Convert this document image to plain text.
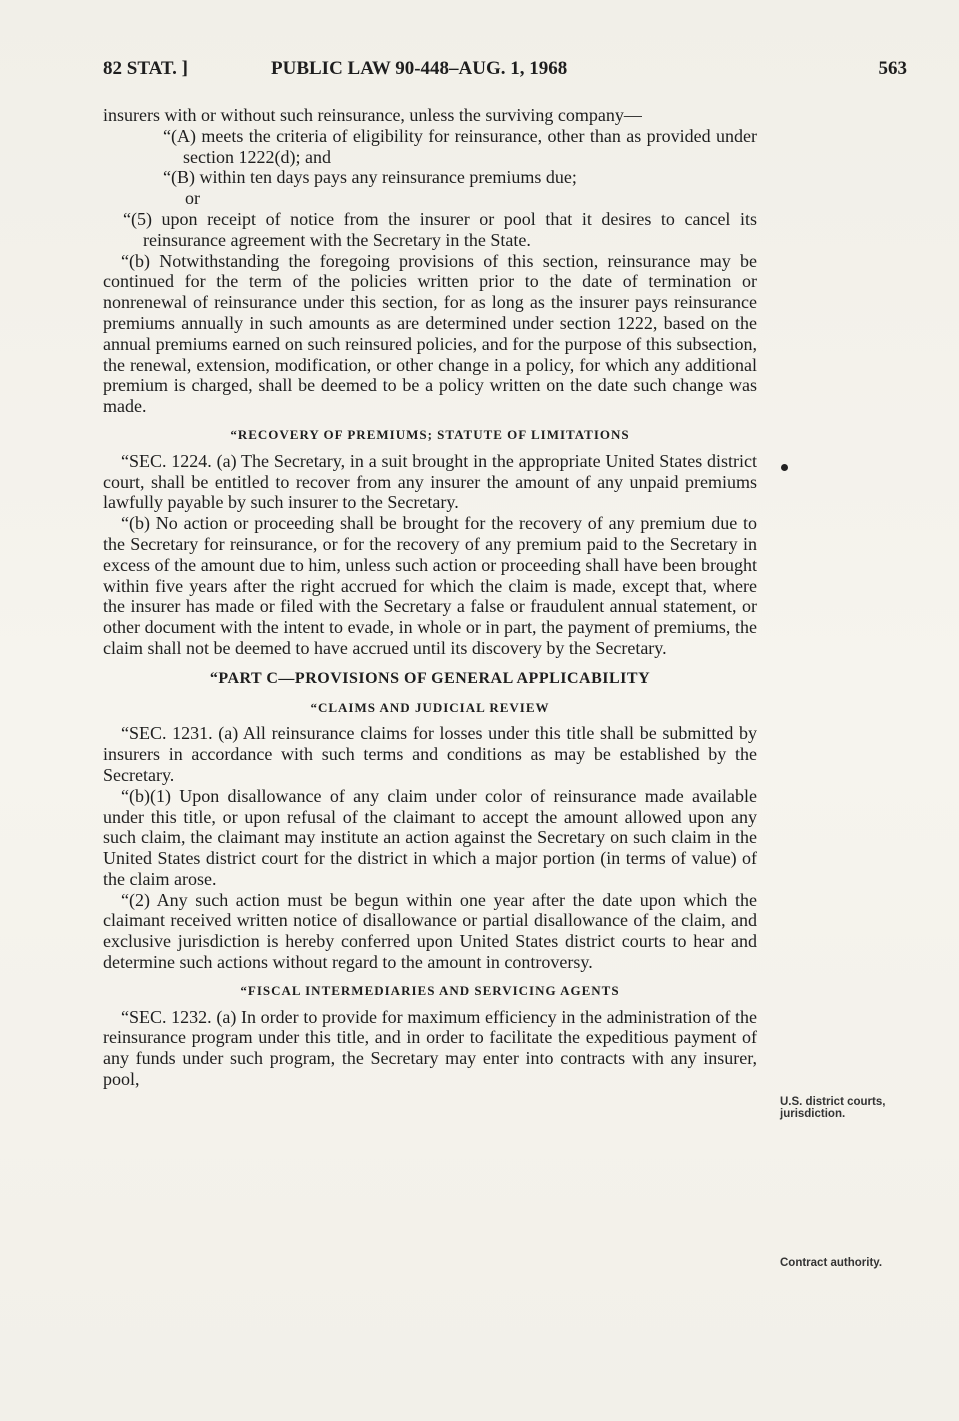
82 STAT. ]	PUBLIC LAW 90-448–AUG. 1, 1968	563

insurers with or without such reinsurance, unless the surviving company—

“(A) meets the criteria of eligibility for reinsurance, other than as provided under section 1222(d); and

“(B) within ten days pays any reinsurance premiums due;

or

“(5) upon receipt of notice from the insurer or pool that it desires to cancel its reinsurance agreement with the Secretary in the State.

“(b) Notwithstanding the foregoing provisions of this section, reinsurance may be continued for the term of the policies written prior to the date of termination or nonrenewal of reinsurance under this section, for as long as the insurer pays reinsurance premiums annually in such amounts as are determined under section 1222, based on the annual premiums earned on such reinsured policies, and for the purpose of this subsection, the renewal, extension, modification, or other change in a policy, for which any additional premium is charged, shall be deemed to be a policy written on the date such change was made.

“RECOVERY OF PREMIUMS; STATUTE OF LIMITATIONS

“SEC. 1224. (a) The Secretary, in a suit brought in the appropriate United States district court, shall be entitled to recover from any insurer the amount of any unpaid premiums lawfully payable by such insurer to the Secretary.

“(b) No action or proceeding shall be brought for the recovery of any premium due to the Secretary for reinsurance, or for the recovery of any premium paid to the Secretary in excess of the amount due to him, unless such action or proceeding shall have been brought within five years after the right accrued for which the claim is made, except that, where the insurer has made or filed with the Secretary a false or fraudulent annual statement, or other document with the intent to evade, in whole or in part, the payment of premiums, the claim shall not be deemed to have accrued until its discovery by the Secretary.

“PART C—PROVISIONS OF GENERAL APPLICABILITY
“CLAIMS AND JUDICIAL REVIEW

“SEC. 1231. (a) All reinsurance claims for losses under this title shall be submitted by insurers in accordance with such terms and conditions as may be established by the Secretary.

“(b)(1) Upon disallowance of any claim under color of reinsurance made available under this title, or upon refusal of the claimant to accept the amount allowed upon any such claim, the claimant may institute an action against the Secretary on such claim in the United States district court for the district in which a major portion (in terms of value) of the claim arose.

“(2) Any such action must be begun within one year after the date upon which the claimant received written notice of disallowance or partial disallowance of the claim, and exclusive jurisdiction is hereby conferred upon United States district courts to hear and determine such actions without regard to the amount in controversy.

“FISCAL INTERMEDIARIES AND SERVICING AGENTS

“SEC. 1232. (a) In order to provide for maximum efficiency in the administration of the reinsurance program under this title, and in order to facilitate the expeditious payment of any funds under such program, the Secretary may enter into contracts with any insurer, pool,

U.S. district courts, jurisdiction.
Contract authority.
